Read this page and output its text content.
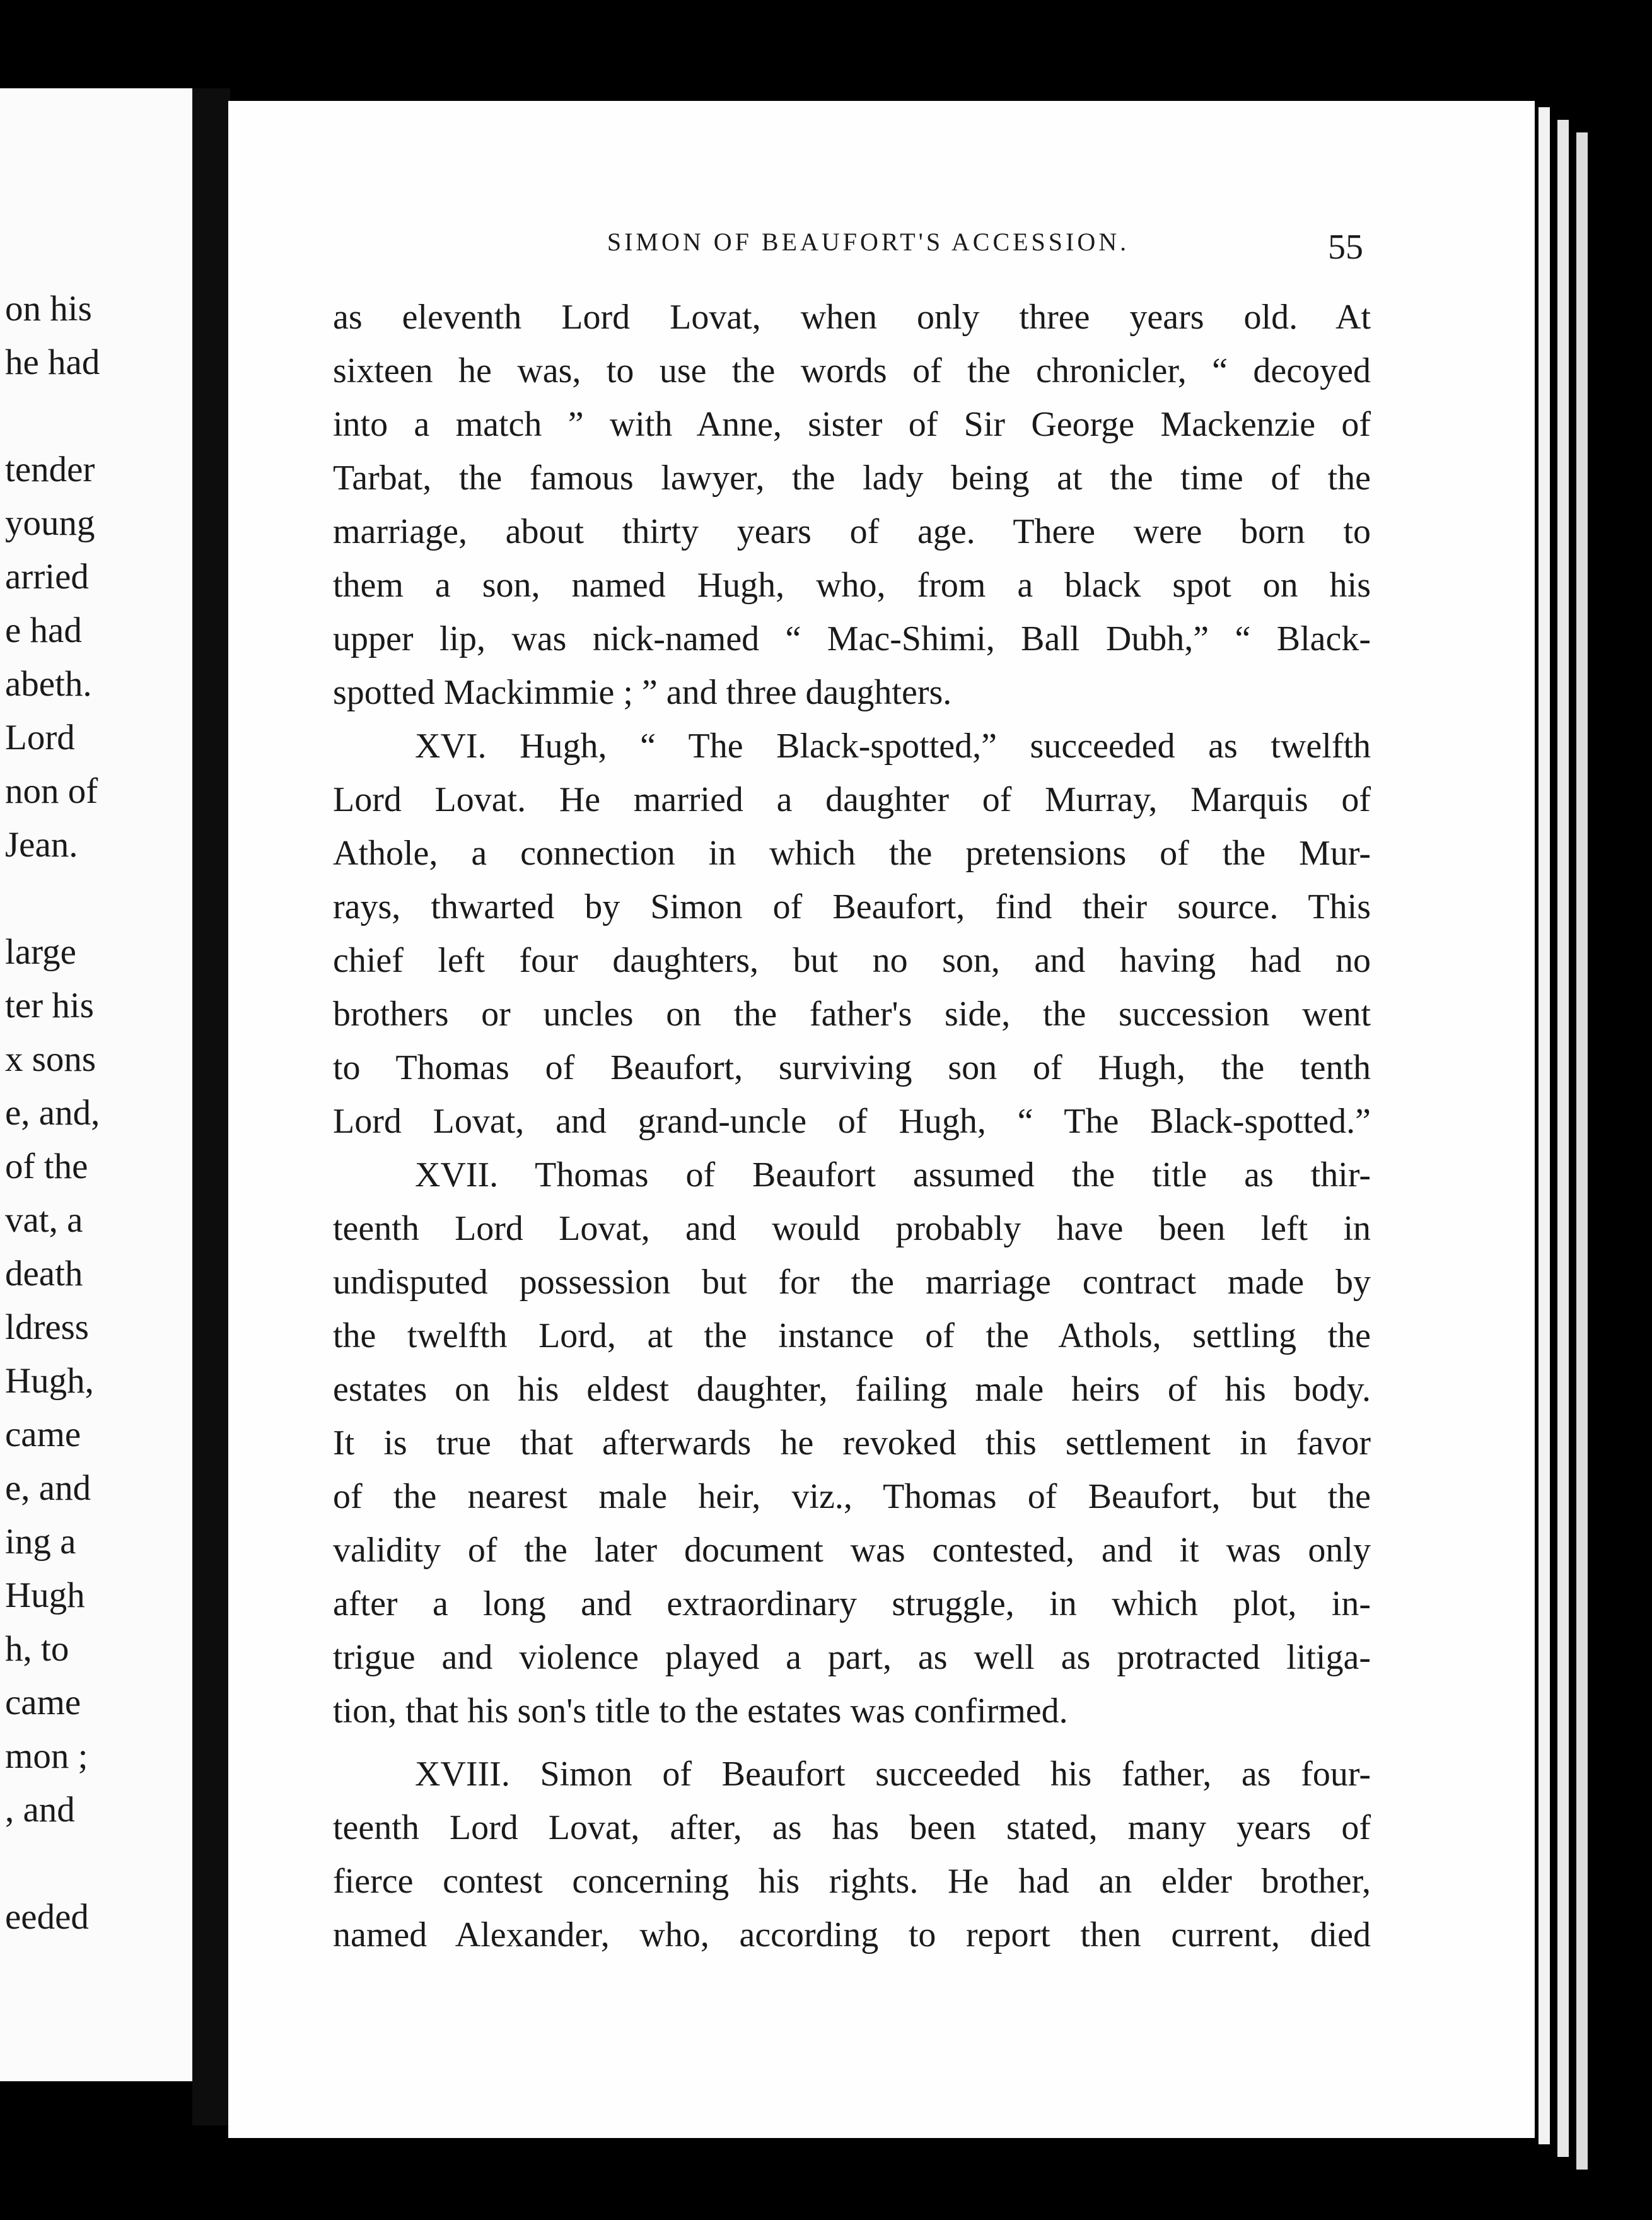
on his
he had
tender
young
arried
e had
abeth.
Lord
non of
Jean.
large
ter his
x sons
e, and,
of the
vat, a
death
ldress
Hugh,
came
e, and
ing a
Hugh
h, to
came
mon ;
, and
eeded
SIMON OF BEAUFORT'S ACCESSION.	55
as eleventh Lord Lovat, when only three years old. At
sixteen he was, to use the words of the chronicler, “ decoyed
into a match ” with Anne, sister of Sir George Mackenzie of
Tarbat, the famous lawyer, the lady being at the time of the
marriage, about thirty years of age. There were born to
them a son, named Hugh, who, from a black spot on his
upper lip, was nick-named “ Mac-Shimi, Ball Dubh,” “ Black-
spotted Mackimmie ; ” and three daughters.
XVI. Hugh, “ The Black-spotted,” succeeded as twelfth
Lord Lovat. He married a daughter of Murray, Marquis of
Athole, a connection in which the pretensions of the Mur-
rays, thwarted by Simon of Beaufort, find their source. This
chief left four daughters, but no son, and having had no
brothers or uncles on the father's side, the succession went
to Thomas of Beaufort, surviving son of Hugh, the tenth
Lord Lovat, and grand-uncle of Hugh, “ The Black-spotted.”
XVII. Thomas of Beaufort assumed the title as thir-
teenth Lord Lovat, and would probably have been left in
undisputed possession but for the marriage contract made by
the twelfth Lord, at the instance of the Athols, settling the
estates on his eldest daughter, failing male heirs of his body.
It is true that afterwards he revoked this settlement in favor
of the nearest male heir, viz., Thomas of Beaufort, but the
validity of the later document was contested, and it was only
after a long and extraordinary struggle, in which plot, in-
trigue and violence played a part, as well as protracted litiga-
tion, that his son's title to the estates was confirmed.
XVIII. Simon of Beaufort succeeded his father, as four-
teenth Lord Lovat, after, as has been stated, many years of
fierce contest concerning his rights. He had an elder brother,
named Alexander, who, according to report then current, died
